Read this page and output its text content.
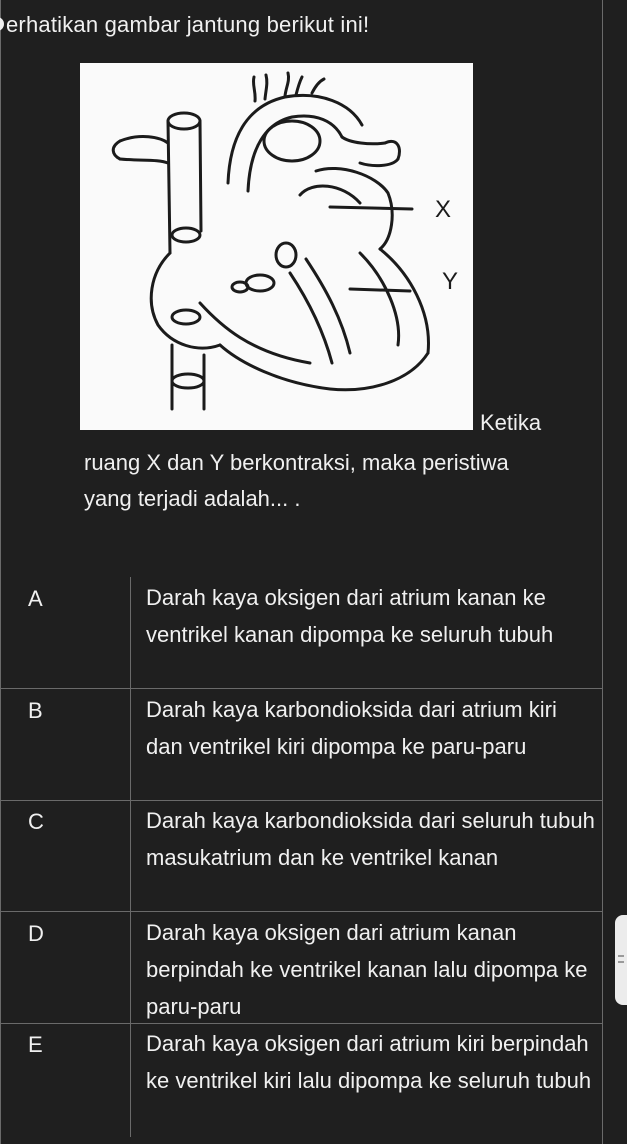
erhatikan gambar jantung berikut ini!
X
Y
Ketika
ruang X dan Y berkontraksi, maka peristiwa
yang terjadi adalah... .
A	Darah kaya oksigen dari atrium kanan ke ventrikel kanan dipompa ke seluruh tubuh
B	Darah kaya karbondioksida dari atrium kiri dan ventrikel kiri dipompa ke paru-paru
C	Darah kaya karbondioksida dari seluruh tubuh masukatrium dan ke ventrikel kanan
D	Darah kaya oksigen dari atrium kanan berpindah ke ventrikel kanan lalu dipompa ke paru-paru
E	Darah kaya oksigen dari atrium kiri berpindah ke ventrikel kiri lalu dipompa ke seluruh tubuh
